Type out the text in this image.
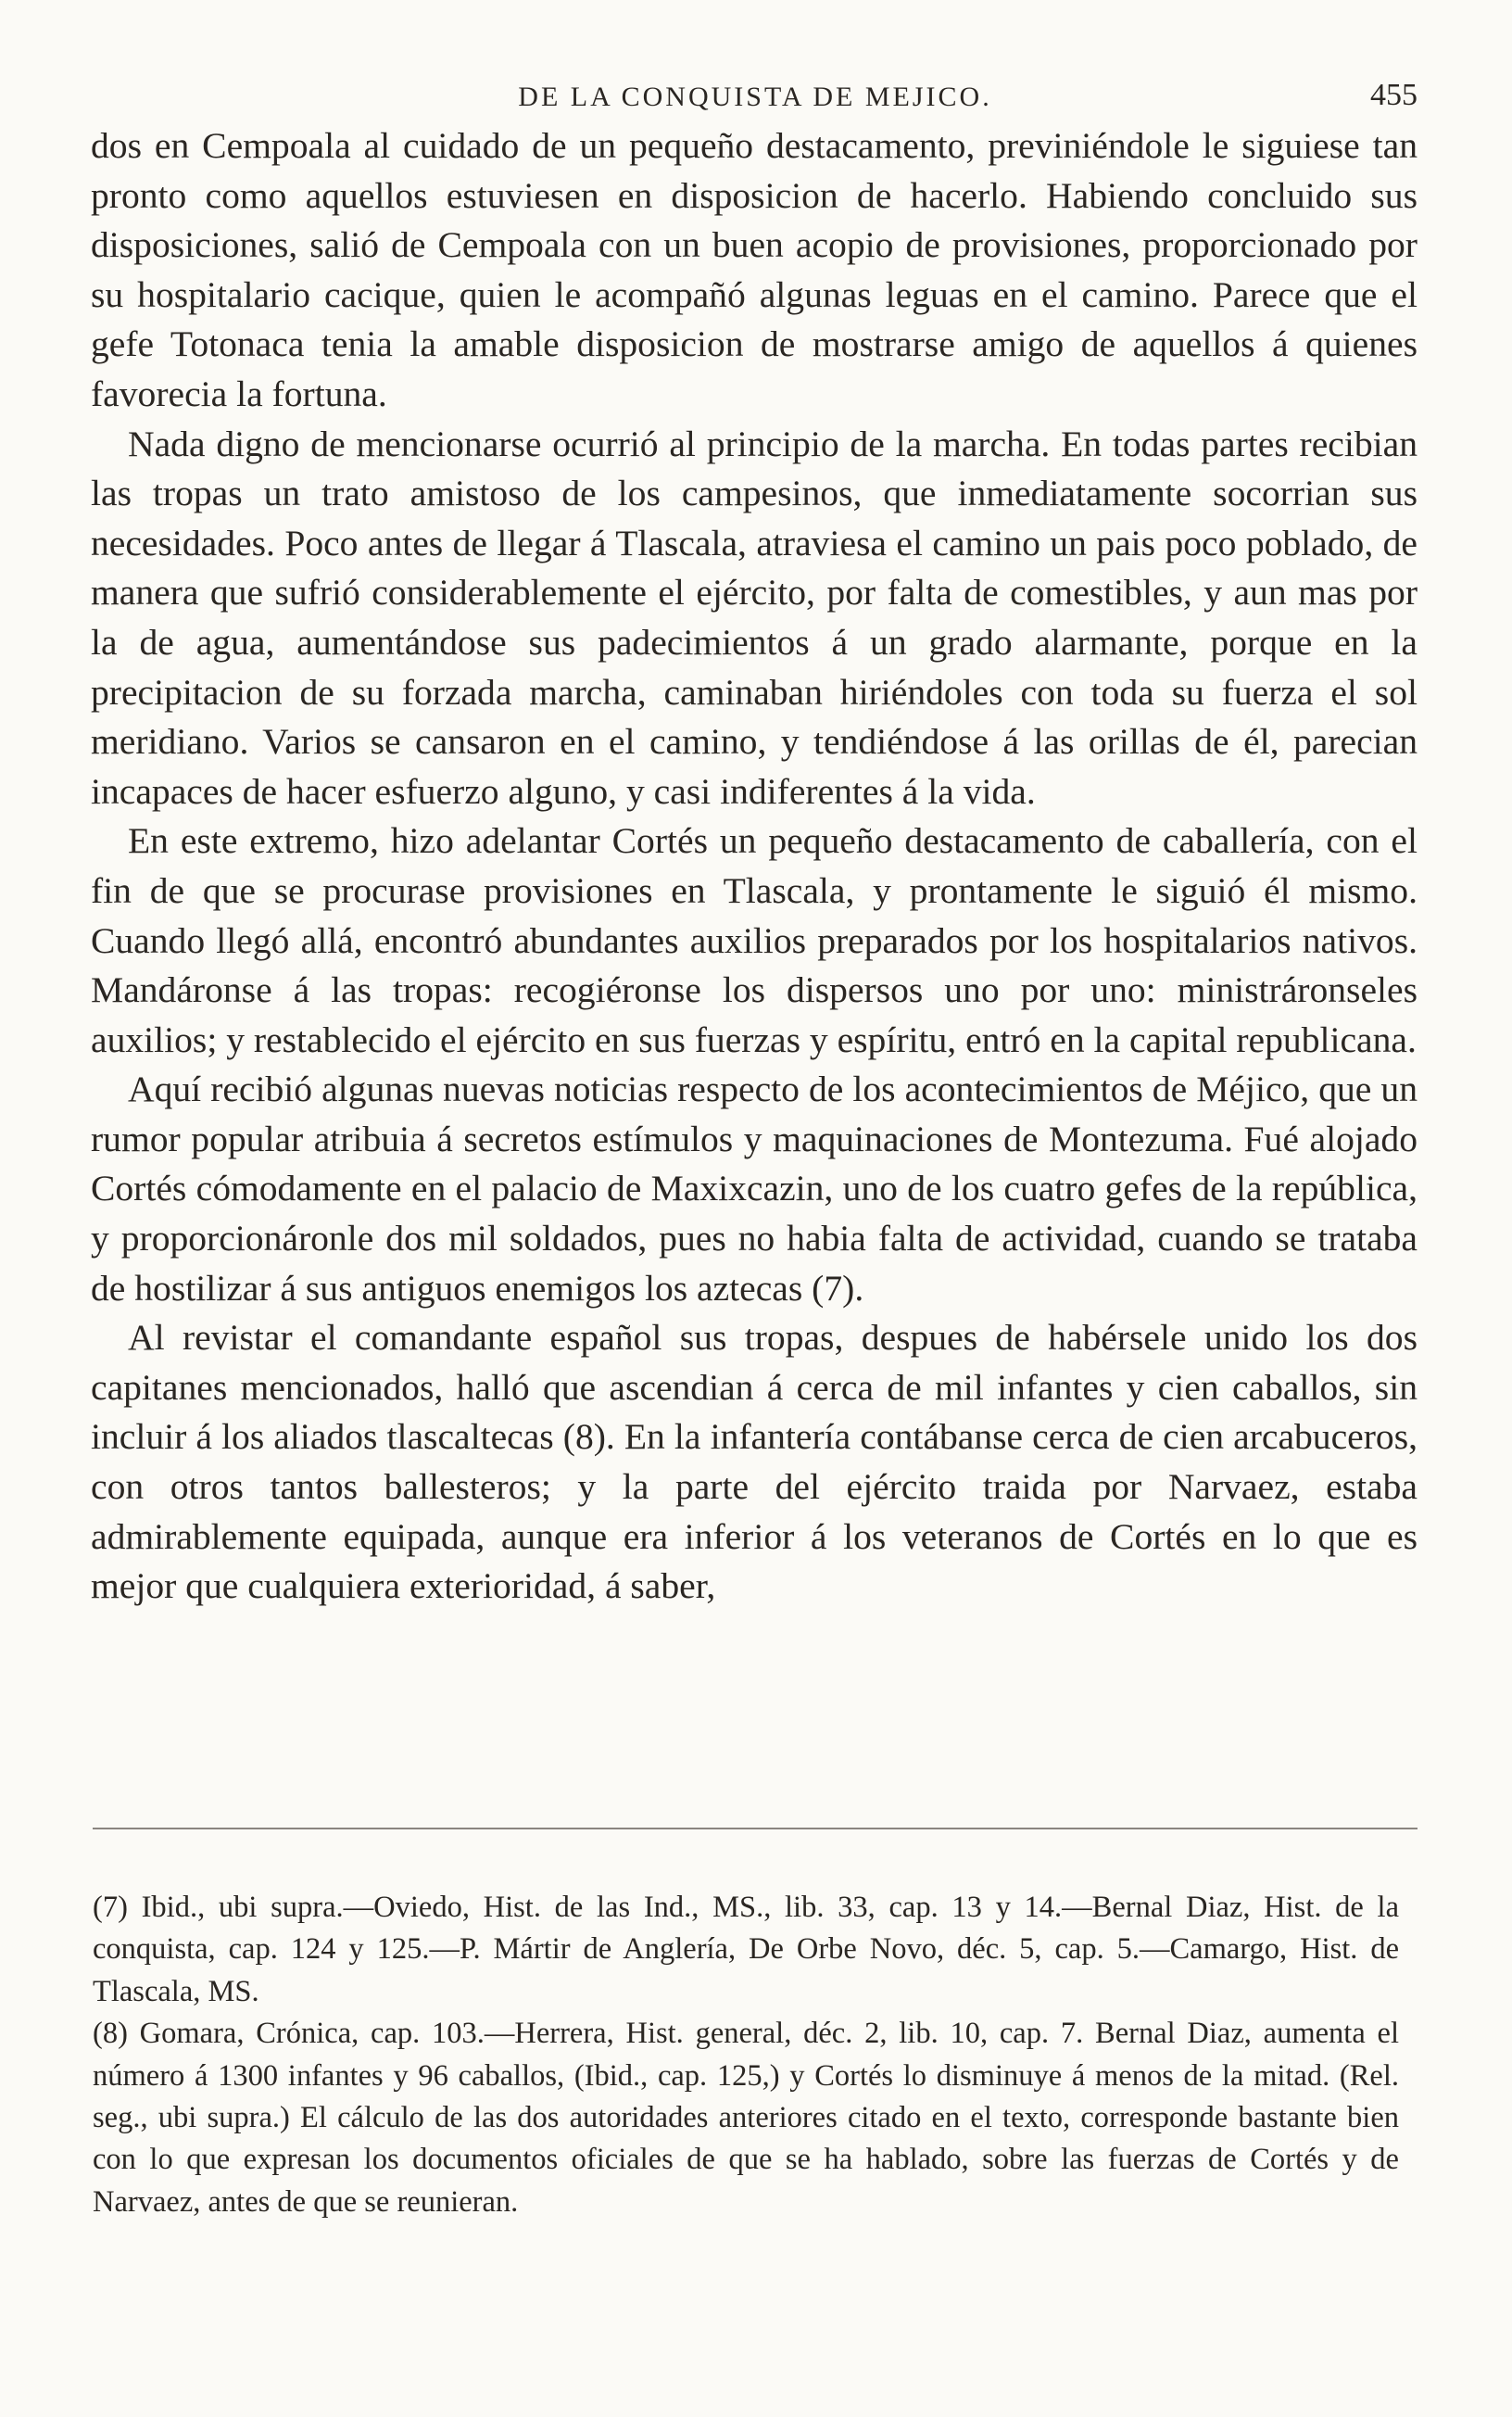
DE LA CONQUISTA DE MEJICO.	455

dos en Cempoala al cuidado de un pequeño destacamento, previniéndole le siguiese tan pronto como aquellos estuviesen en disposicion de hacerlo. Habiendo concluido sus disposiciones, salió de Cempoala con un buen acopio de provisiones, proporcionado por su hospitalario cacique, quien le acompañó algunas leguas en el camino. Parece que el gefe Totonaca tenia la amable disposicion de mostrarse amigo de aquellos á quienes favorecia la fortuna.

Nada digno de mencionarse ocurrió al principio de la marcha. En todas partes recibian las tropas un trato amistoso de los campesinos, que inmediatamente socorrian sus necesidades. Poco antes de llegar á Tlascala, atraviesa el camino un pais poco poblado, de manera que sufrió considerablemente el ejército, por falta de comestibles, y aun mas por la de agua, aumentándose sus padecimientos á un grado alarmante, porque en la precipitacion de su forzada marcha, caminaban hiriéndoles con toda su fuerza el sol meridiano. Varios se cansaron en el camino, y tendiéndose á las orillas de él, parecian incapaces de hacer esfuerzo alguno, y casi indiferentes á la vida.

En este extremo, hizo adelantar Cortés un pequeño destacamento de caballería, con el fin de que se procurase provisiones en Tlascala, y prontamente le siguió él mismo. Cuando llegó allá, encontró abundantes auxilios preparados por los hospitalarios nativos. Mandáronse á las tropas: recogiéronse los dispersos uno por uno: ministráronseles auxilios; y restablecido el ejército en sus fuerzas y espíritu, entró en la capital republicana.

Aquí recibió algunas nuevas noticias respecto de los acontecimientos de Méjico, que un rumor popular atribuia á secretos estímulos y maquinaciones de Montezuma. Fué alojado Cortés cómodamente en el palacio de Maxixcazin, uno de los cuatro gefes de la república, y proporcionáronle dos mil soldados, pues no habia falta de actividad, cuando se trataba de hostilizar á sus antiguos enemigos los aztecas (7).

Al revistar el comandante español sus tropas, despues de habérsele unido los dos capitanes mencionados, halló que ascendian á cerca de mil infantes y cien caballos, sin incluir á los aliados tlascaltecas (8). En la infantería contábanse cerca de cien arcabuceros, con otros tantos ballesteros; y la parte del ejército traida por Narvaez, estaba admirablemente equipada, aunque era inferior á los veteranos de Cortés en lo que es mejor que cualquiera exterioridad, á saber,

(7) Ibid., ubi supra.—Oviedo, Hist. de las Ind., MS., lib. 33, cap. 13 y 14.—Bernal Diaz, Hist. de la conquista, cap. 124 y 125.—P. Mártir de Anglería, De Orbe Novo, déc. 5, cap. 5.—Camargo, Hist. de Tlascala, MS.

(8) Gomara, Crónica, cap. 103.—Herrera, Hist. general, déc. 2, lib. 10, cap. 7. Bernal Diaz, aumenta el número á 1300 infantes y 96 caballos, (Ibid., cap. 125,) y Cortés lo disminuye á menos de la mitad. (Rel. seg., ubi supra.) El cálculo de las dos autoridades anteriores citado en el texto, corresponde bastante bien con lo que expresan los documentos oficiales de que se ha hablado, sobre las fuerzas de Cortés y de Narvaez, antes de que se reunieran.
